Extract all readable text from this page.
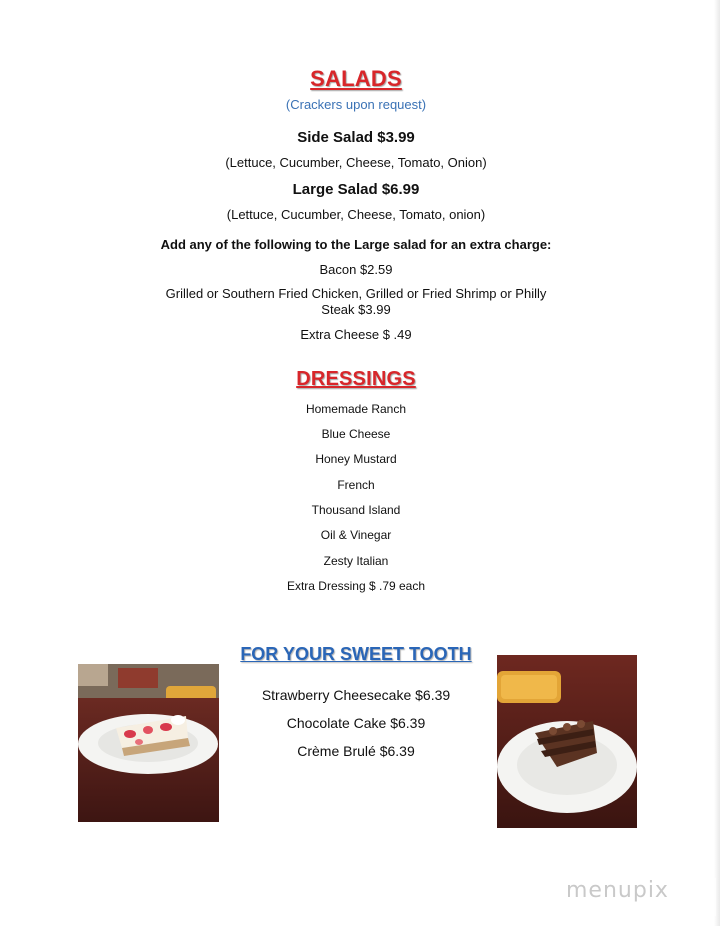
SALADS
(Crackers upon request)
Side Salad $3.99
(Lettuce, Cucumber, Cheese, Tomato, Onion)
Large Salad $6.99
(Lettuce, Cucumber, Cheese, Tomato, onion)
Add any of the following to the Large salad for an extra charge:
Bacon $2.59
Grilled or Southern Fried Chicken, Grilled or Fried Shrimp or Philly
Steak $3.99
Extra Cheese $ .49
DRESSINGS
Homemade Ranch
Blue Cheese
Honey Mustard
French
Thousand Island
Oil & Vinegar
Zesty Italian
Extra Dressing $ .79 each
FOR YOUR SWEET TOOTH
Strawberry Cheesecake $6.39
Chocolate Cake $6.39
Crème Brulé $6.39
menupix
